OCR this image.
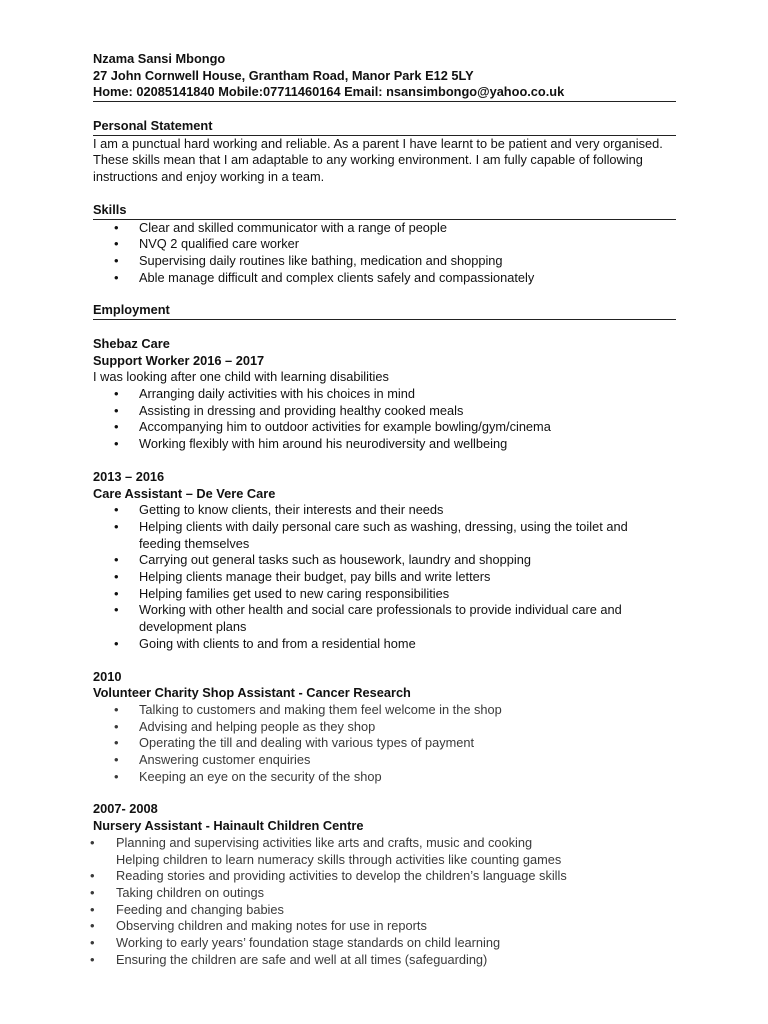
Nzama Sansi Mbongo
27 John Cornwell House, Grantham Road, Manor Park E12 5LY
Home: 02085141840 Mobile:07711460164 Email: nsansimbongo@yahoo.co.uk
Personal Statement
I am a punctual hard working and reliable. As a parent I have learnt to be patient and very organised.
These skills mean that I am adaptable to any working environment. I am fully capable of following
instructions and enjoy working in a team.
Skills
• Clear and skilled communicator with a range of people
• NVQ 2 qualified care worker
• Supervising daily routines like bathing, medication and shopping
• Able manage difficult and complex clients safely and compassionately
Employment
Shebaz Care
Support Worker 2016 – 2017
I was looking after one child with learning disabilities
• Arranging daily activities with his choices in mind
• Assisting in dressing and providing healthy cooked meals
• Accompanying him to outdoor activities for example bowling/gym/cinema
• Working flexibly with him around his neurodiversity and wellbeing
2013 – 2016
Care Assistant – De Vere Care
• Getting to know clients, their interests and their needs
• Helping clients with daily personal care such as washing, dressing, using the toilet and
feeding themselves
• Carrying out general tasks such as housework, laundry and shopping
• Helping clients manage their budget, pay bills and write letters
• Helping families get used to new caring responsibilities
• Working with other health and social care professionals to provide individual care and
development plans
• Going with clients to and from a residential home
2010
Volunteer Charity Shop Assistant - Cancer Research
• Talking to customers and making them feel welcome in the shop
• Advising and helping people as they shop
• Operating the till and dealing with various types of payment
• Answering customer enquiries
• Keeping an eye on the security of the shop
2007- 2008
Nursery Assistant - Hainault Children Centre
• Planning and supervising activities like arts and crafts, music and cooking
Helping children to learn numeracy skills through activities like counting games
• Reading stories and providing activities to develop the children’s language skills
• Taking children on outings
• Feeding and changing babies
• Observing children and making notes for use in reports
• Working to early years’ foundation stage standards on child learning
• Ensuring the children are safe and well at all times (safeguarding)
